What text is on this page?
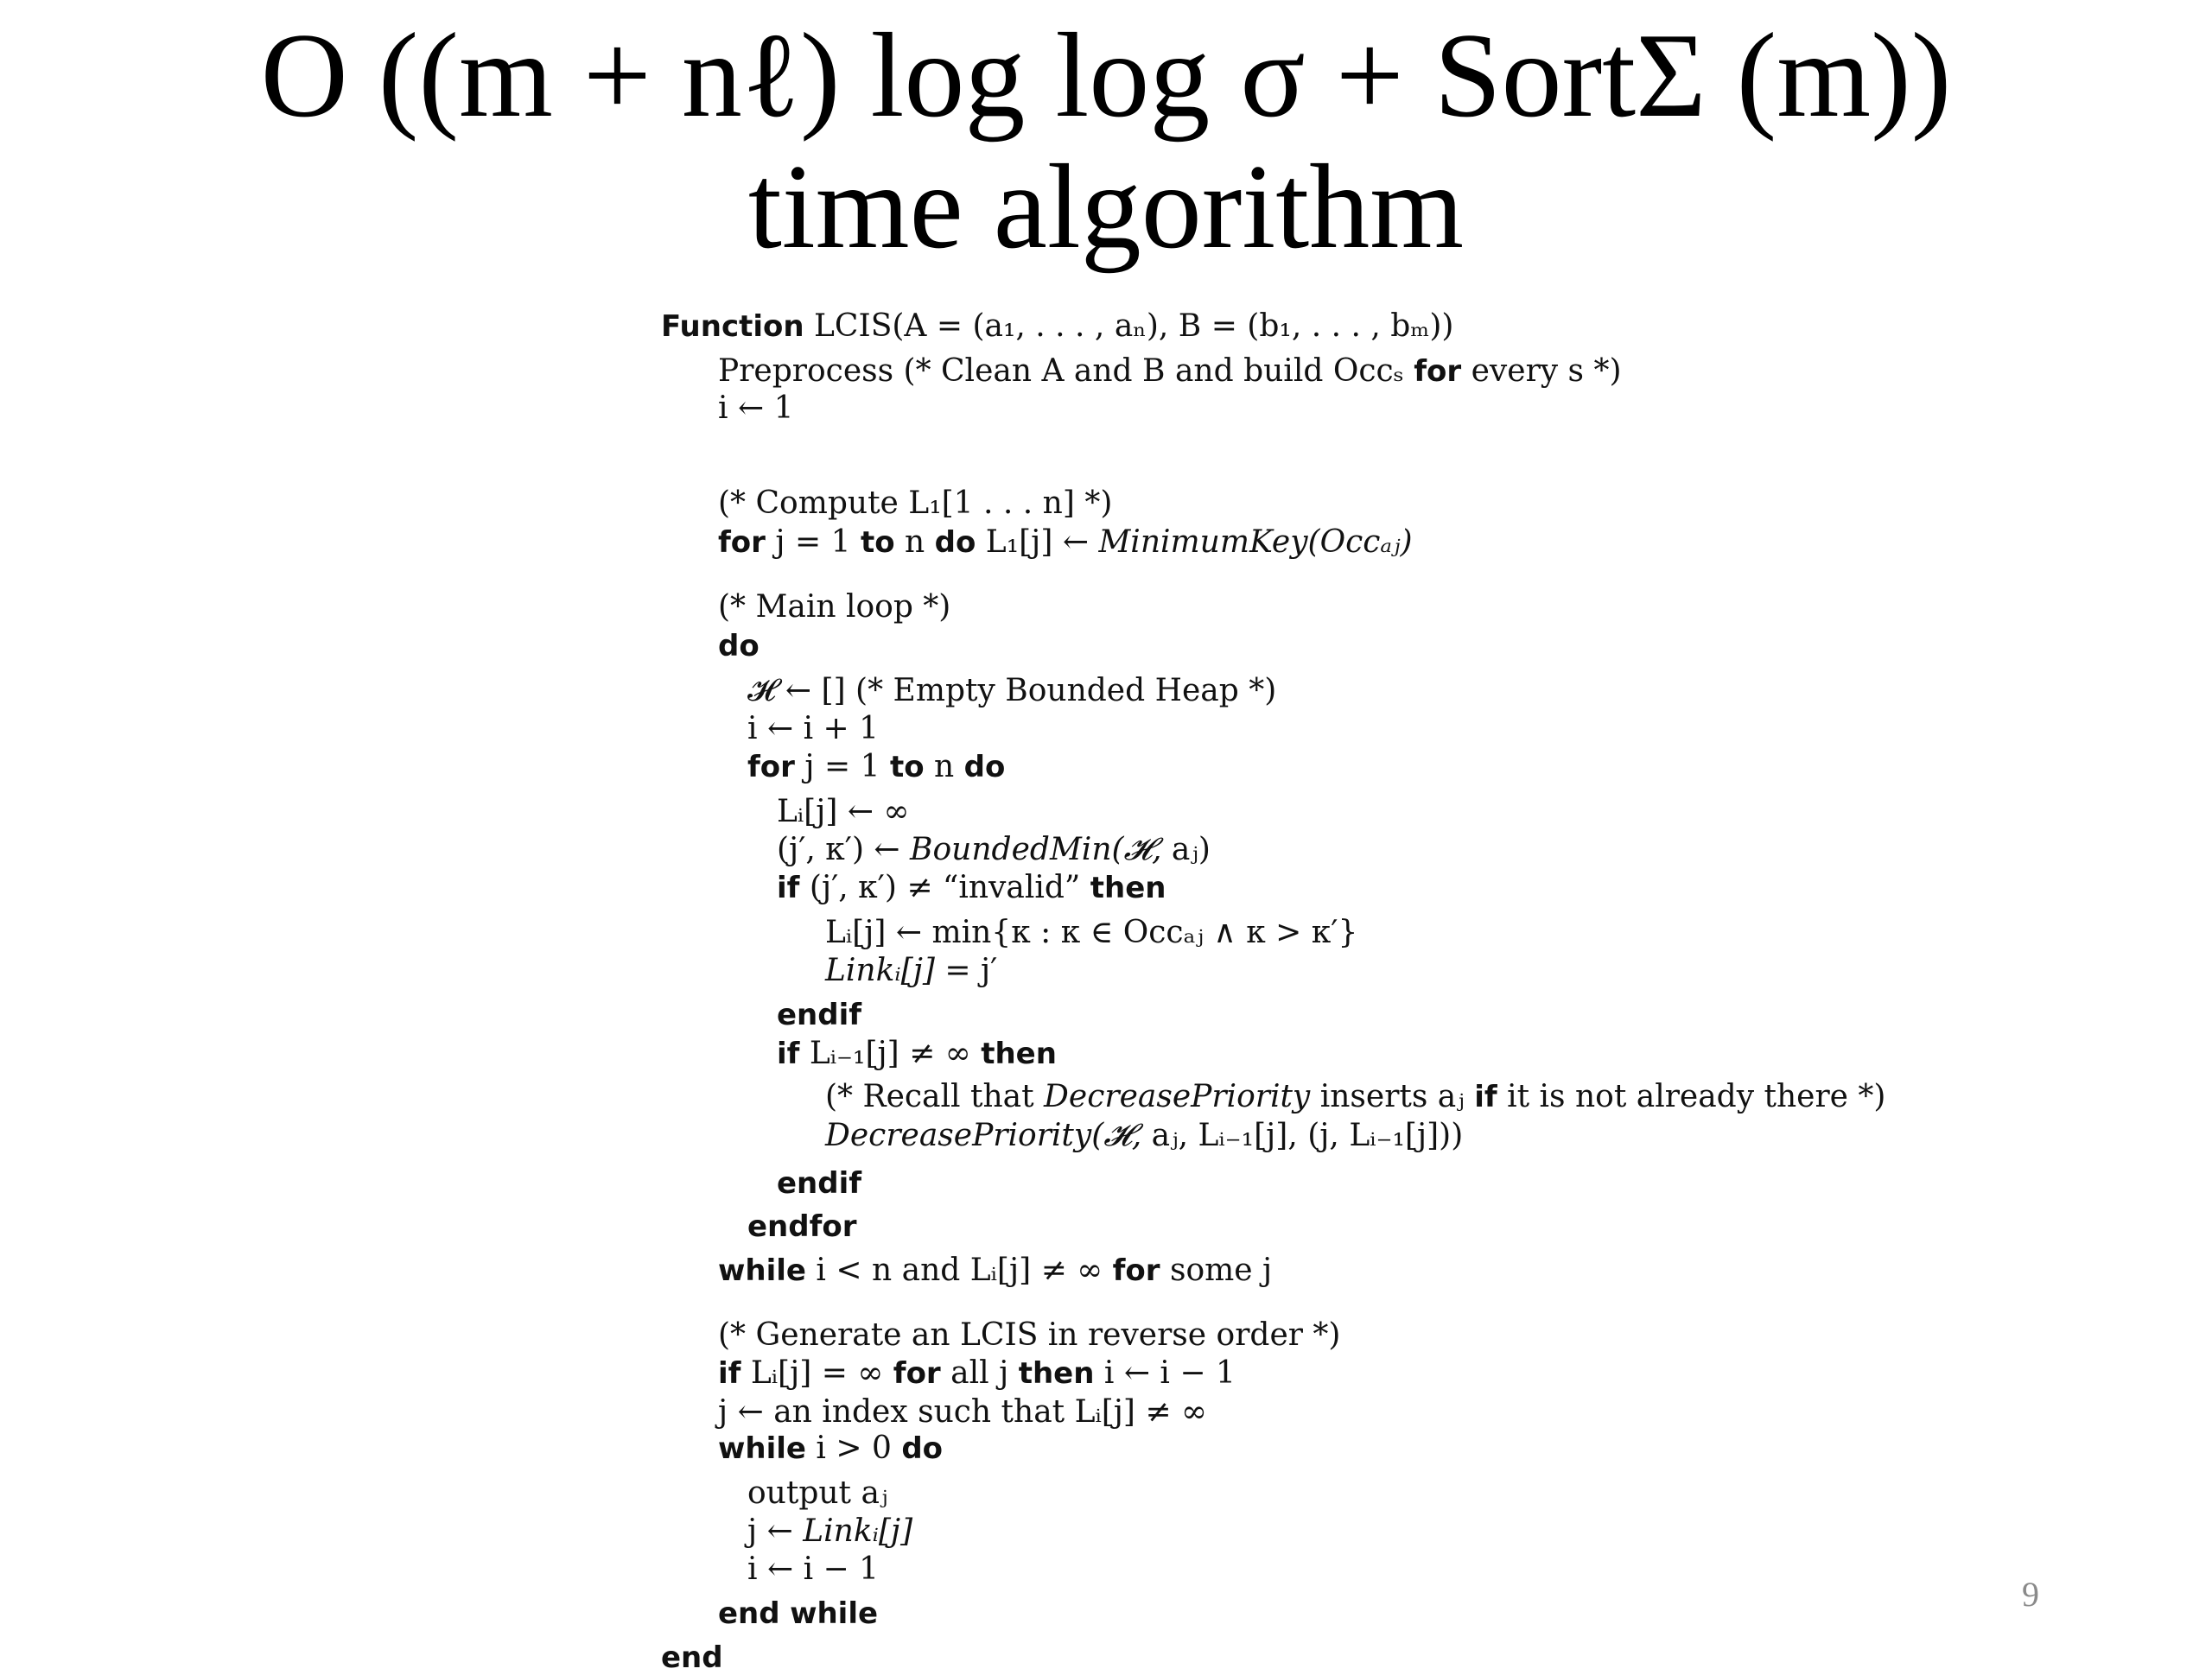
O ((m + nℓ) log log σ + SortΣ (m))
time algorithm
Function LCIS(A = (a₁, . . . , aₙ), B = (b₁, . . . , bₘ))
Preprocess (* Clean A and B and build Occₛ for every s *)
i ← 1
(* Compute L₁[1 . . . n] *)
for j = 1 to n do L₁[j] ← MinimumKey(Occₐⱼ)
(* Main loop *)
do
𝓗 ← [] (* Empty Bounded Heap *)
i ← i + 1
for j = 1 to n do
Lᵢ[j] ← ∞
(j′, κ′) ← BoundedMin(𝓗, aⱼ)
if (j′, κ′) ≠ “invalid” then
Lᵢ[j] ← min{κ : κ ∈ Occₐⱼ ∧ κ > κ′}
Linkᵢ[j] = j′
endif
if Lᵢ₋₁[j] ≠ ∞ then
(* Recall that DecreasePriority inserts aⱼ if it is not already there *)
DecreasePriority(𝓗, aⱼ, Lᵢ₋₁[j], (j, Lᵢ₋₁[j]))
endif
endfor
while i < n and Lᵢ[j] ≠ ∞ for some j
(* Generate an LCIS in reverse order *)
if Lᵢ[j] = ∞ for all j then i ← i − 1
j ← an index such that Lᵢ[j] ≠ ∞
while i > 0 do
output aⱼ
j ← Linkᵢ[j]
i ← i − 1
end while
end
9
